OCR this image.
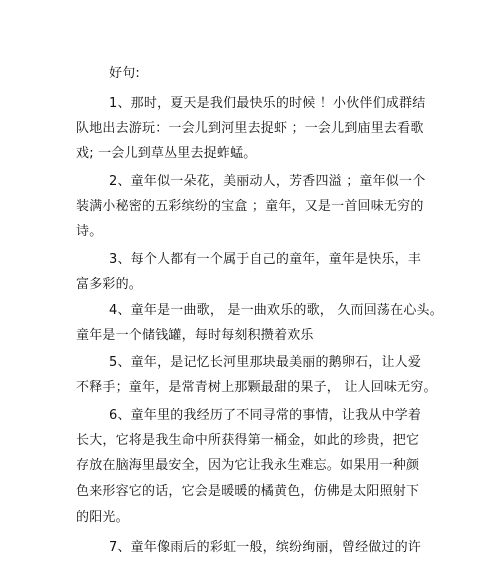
好句:
1、那时，夏天是我们最快乐的时候 ！小伙伴们成群结
队地出去游玩：一会儿到河里去捉虾 ；一会儿到庙里去看歌
戏; 一会儿到草丛里去捉蚱蜢。
2、童年似一朵花，美丽动人，芳香四溢 ；童年似一个
装满小秘密的五彩缤纷的宝盒 ；童年，又是一首回味无穷的
诗。
3、每个人都有一个属于自己的童年，童年是快乐，丰
富多彩的。
4、童年是一曲歌， 是一曲欢乐的歌， 久而回荡在心头。
童年是一个储钱罐，每时每刻积攒着欢乐
5、童年，是记忆长河里那块最美丽的鹅卵石，让人爱
不释手；童年，是常青树上那颗最甜的果子， 让人回味无穷。
6、童年里的我经历了不同寻常的事情，让我从中学着
长大，它将是我生命中所获得第一桶金，如此的珍贵，把它
存放在脑海里最安全，因为它让我永生难忘。如果用一种颜
色来形容它的话，它会是暖暖的橘黄色，仿佛是太阳照射下
的阳光。
7、童年像雨后的彩虹一般，缤纷绚丽，曾经做过的许
